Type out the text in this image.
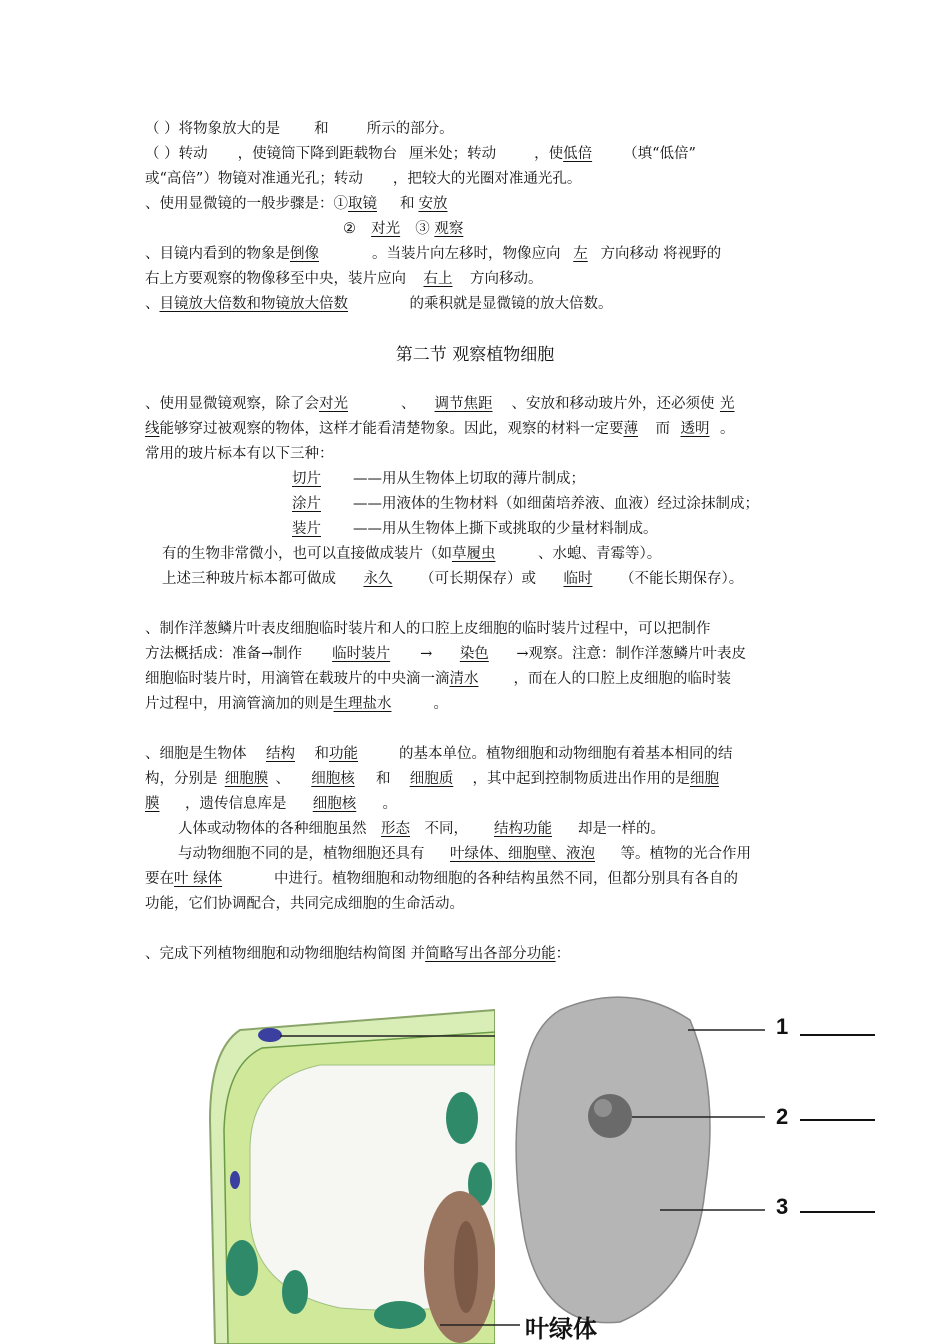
（ ）将物象放大的是 和	所示的部分。
（ ）转动 ，使镜筒下降到距载物台 厘米处；转动	，使低倍 （填“低倍”
或“高倍”）物镜对准通光孔；转动 ，把较大的光圈对准通光孔。
、使用显微镜的一般步骤是：①取镜 和 安放
② 对光 ③ 观察
、目镜内看到的物象是倒像	。当装片向左移时，物像应向 左 方向移动 将视野的
右上方要观察的物像移至中央，装片应向 右上 方向移动。
、目镜放大倍数和物镜放大倍数	的乘积就是显微镜的放大倍数。
第二节 观察植物细胞
、使用显微镜观察，除了会对光	、 调节焦距 、安放和移动玻片外，还必须使 光
线能够穿过被观察的物体，这样才能看清楚物象。因此，观察的材料一定要薄 而 透明 。
常用的玻片标本有以下三种：
切片 ——用从生物体上切取的薄片制成；
涂片 ——用液体的生物材料（如细菌培养液、血液）经过涂抹制成；
装片 ——用从生物体上撕下或挑取的少量材料制成。
有的生物非常微小，也可以直接做成装片（如草履虫	、水螅、青霉等）。
上述三种玻片标本都可做成 永久 （可长期保存）或 临时 （不能长期保存）。
、制作洋葱鳞片叶表皮细胞临时装片和人的口腔上皮细胞的临时装片过程中，可以把制作
方法概括成：准备→制作 临时装片 → 染色 →观察。注意：制作洋葱鳞片叶表皮
细胞临时装片时，用滴管在载玻片的中央滴一滴清水 ，而在人的口腔上皮细胞的临时装
片过程中，用滴管滴加的则是生理盐水	。
、细胞是生物体 结构 和功能	的基本单位。植物细胞和动物细胞有着基本相同的结
构，分别是 细胞膜 、 细胞核 和 细胞质 ，其中起到控制物质进出作用的是细胞
膜 ，遗传信息库是 细胞核 。
人体或动物体的各种细胞虽然 形态 不同， 结构功能 却是一样的。
与动物细胞不同的是，植物细胞还具有 叶绿体、细胞壁、液泡 等。植物的光合作用
要在叶 绿体	中进行。植物细胞和动物细胞的各种结构虽然不同，但都分别具有各自的
功能，它们协调配合，共同完成细胞的生命活动。
、完成下列植物细胞和动物细胞结构简图 并简略写出各部分功能：
1
2
3
叶绿体
